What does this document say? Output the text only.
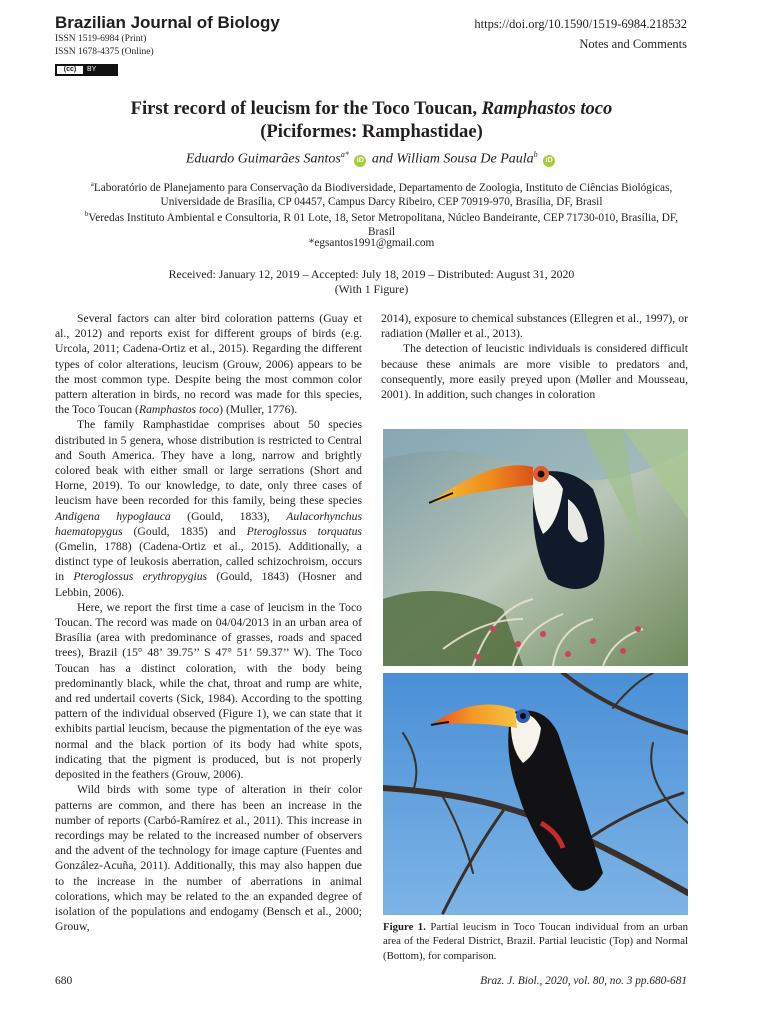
Brazilian Journal of Biology
ISSN 1519-6984 (Print)
ISSN 1678-4375 (Online)
(cc)	BY
https://doi.org/10.1590/1519-6984.218532
Notes and Comments
First record of leucism for the Toco Toucan, Ramphastos toco
(Piciformes: Ramphastidae)
Eduardo Guimarães Santos$^{a*}$ iD and William Sousa De Paula$^b$ iD
$^a$Laboratório de Planejamento para Conservação da Biodiversidade, Departamento de Zoologia, Instituto de Ciências Biológicas, Universidade de Brasília, CP 04457, Campus Darcy Ribeiro, CEP 70919-970, Brasília, DF, Brasil
$^b$Veredas Instituto Ambiental e Consultoria, R 01 Lote, 18, Setor Metropolitana, Núcleo Bandeirante, CEP 71730-010, Brasília, DF, Brasil
*egsantos1991@gmail.com
Received: January 12, 2019 – Accepted: July 18, 2019 – Distributed: August 31, 2020
(With 1 Figure)

Several factors can alter bird coloration patterns (Guay et al., 2012) and reports exist for different groups of birds (e.g. Urcola, 2011; Cadena-Ortiz et al., 2015). Regarding the different types of color alterations, leucism (Grouw, 2006) appears to be the most common type. Despite being the most common color pattern alteration in birds, no record was made for this species, the Toco Toucan (Ramphastos toco) (Muller, 1776).

The family Ramphastidae comprises about 50 species distributed in 5 genera, whose distribution is restricted to Central and South America. They have a long, narrow and brightly colored beak with either small or large serrations (Short and Horne, 2019). To our knowledge, to date, only three cases of leucism have been recorded for this family, being these species Andigena hypoglauca (Gould, 1833), Aulacorhynchus haematopygus (Gould, 1835) and Pteroglossus torquatus (Gmelin, 1788) (Cadena-Ortiz et al., 2015). Additionally, a distinct type of leukosis aberration, called schizochroism, occurs in Pteroglossus erythropygius (Gould, 1843) (Hosner and Lebbin, 2006).

Here, we report the first time a case of leucism in the Toco Toucan. The record was made on 04/04/2013 in an urban area of Brasília (area with predominance of grasses, roads and spaced trees), Brazil (15° 48’ 39.75’’ S 47° 51’ 59.37’’ W). The Toco Toucan has a distinct coloration, with the body being predominantly black, while the chat, throat and rump are white, and red undertail coverts (Sick, 1984). According to the spotting pattern of the individual observed (Figure 1), we can state that it exhibits partial leucism, because the pigmentation of the eye was normal and the black portion of its body had white spots, indicating that the pigment is produced, but is not properly deposited in the feathers (Grouw, 2006).

Wild birds with some type of alteration in their color patterns are common, and there has been an increase in the number of reports (Carbó-Ramírez et al., 2011). This increase in recordings may be related to the increased number of observers and the advent of the technology for image capture (Fuentes and González-Acuña, 2011). Additionally, this may also happen due to the increase in the number of aberrations in animal colorations, which may be related to the an expanded degree of isolation of the populations and endogamy (Bensch et al., 2000; Grouw,

2014), exposure to chemical substances (Ellegren et al., 1997), or radiation (Møller et al., 2013).

The detection of leucistic individuals is considered difficult because these animals are more visible to predators and, consequently, more easily preyed upon (Møller and Mousseau, 2001). In addition, such changes in coloration

Figure 1. Partial leucism in Toco Toucan individual from an urban area of the Federal District, Brazil. Partial leucistic (Top) and Normal (Bottom), for comparison.
680	Braz. J. Biol., 2020, vol. 80, no. 3 pp.680-681
